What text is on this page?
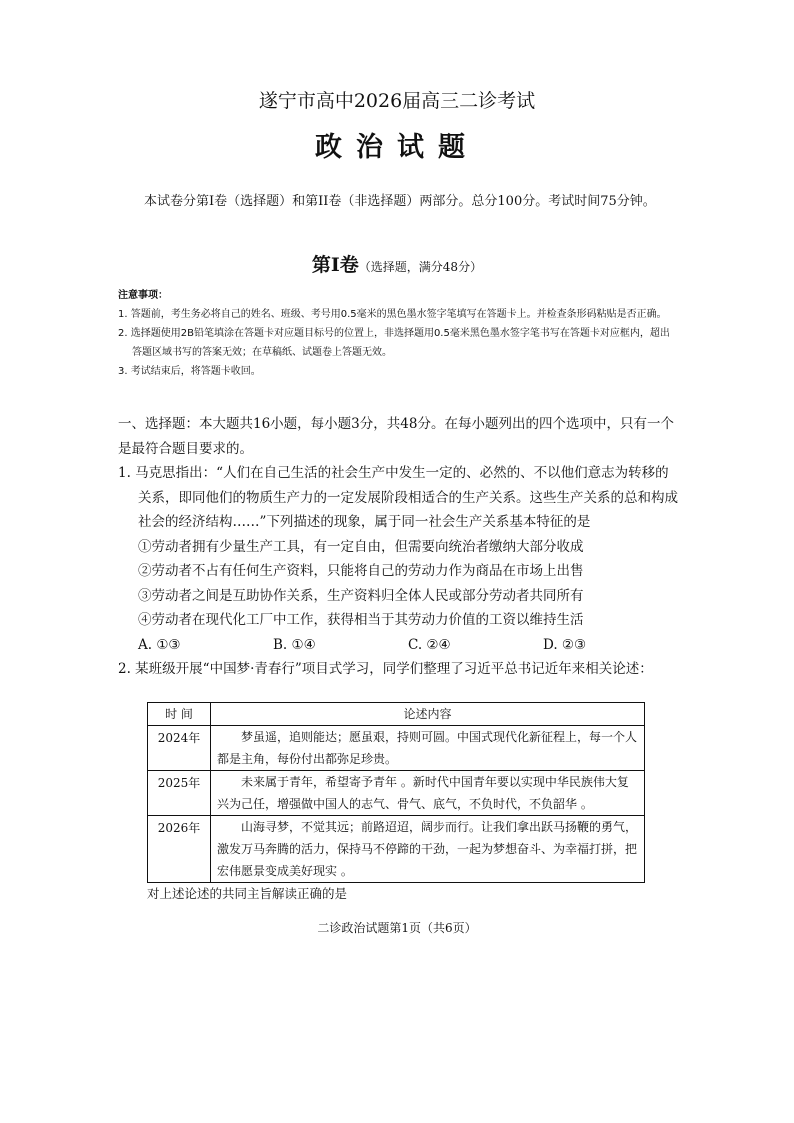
遂宁市高中2026届高三二诊考试
政治试题
本试卷分第Ⅰ卷（选择题）和第II卷（非选择题）两部分。总分100分。考试时间75分钟。
第Ⅰ卷（选择题，满分48分）
注意事项：
1. 答题前，考生务必将自己的姓名、班级、考号用0.5毫米的黑色墨水签字笔填写在答题卡上。并检查条形码粘贴是否正确。
2. 选择题使用2B铅笔填涂在答题卡对应题目标号的位置上，非选择题用0.5毫米黑色墨水签字笔书写在答题卡对应框内，超出答题区域书写的答案无效；在草稿纸、试题卷上答题无效。
3. 考试结束后，将答题卡收回。
一、选择题：本大题共16小题，每小题3分，共48分。在每小题列出的四个选项中，只有一个是最符合题目要求的。
1. 马克思指出：“人们在自己生活的社会生产中发生一定的、必然的、不以他们意志为转移的关系，即同他们的物质生产力的一定发展阶段相适合的生产关系。这些生产关系的总和构成社会的经济结构……”下列描述的现象，属于同一社会生产关系基本特征的是
①劳动者拥有少量生产工具，有一定自由，但需要向统治者缴纳大部分收成
②劳动者不占有任何生产资料，只能将自己的劳动力作为商品在市场上出售
③劳动者之间是互助协作关系，生产资料归全体人民或部分劳动者共同所有
④劳动者在现代化工厂中工作，获得相当于其劳动力价值的工资以维持生活
A. ①③	B. ①④	C. ②④	D. ②③
2. 某班级开展“中国梦·青春行”项目式学习，同学们整理了习近平总书记近年来相关论述：
时 间	论述内容
2024年	梦虽遥，追则能达；愿虽艰，持则可圆。中国式现代化新征程上，每一个人都是主角，每份付出都弥足珍贵。
2025年	未来属于青年，希望寄予青年 。新时代中国青年要以实现中华民族伟大复兴为己任，增强做中国人的志气、骨气、底气，不负时代，不负韶华 。
2026年	山海寻梦，不觉其远；前路迢迢，阔步而行。让我们拿出跃马扬鞭的勇气，激发万马奔腾的活力，保持马不停蹄的干劲，一起为梦想奋斗、为幸福打拼，把宏伟愿景变成美好现实 。
对上述论述的共同主旨解读正确的是
二诊政治试题第1页（共6页）
